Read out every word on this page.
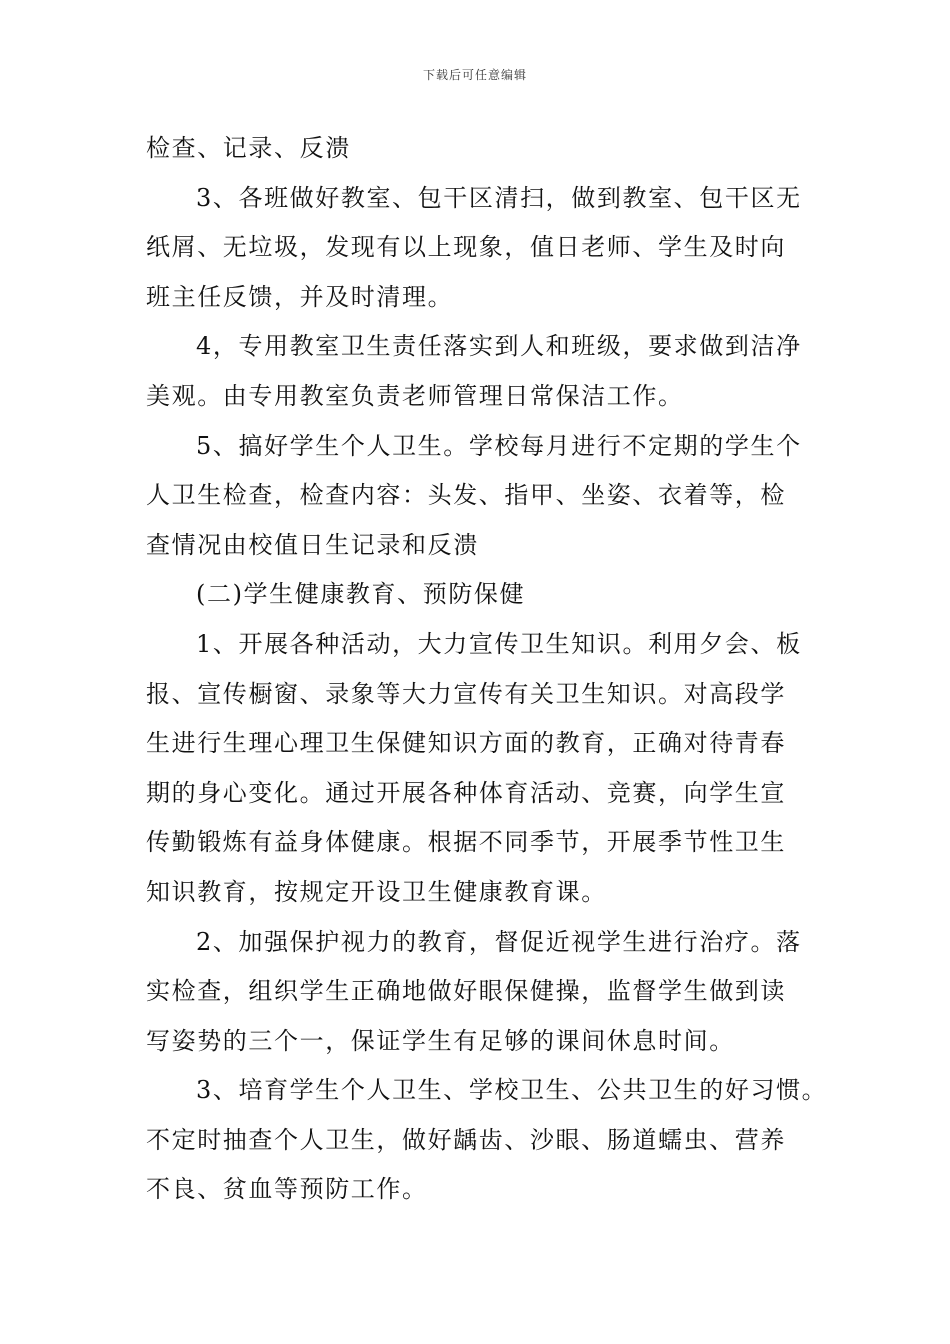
下载后可任意编辑
检查、记录、反溃
3、各班做好教室、包干区清扫，做到教室、包干区无
纸屑、无垃圾，发现有以上现象，值日老师、学生及时向
班主任反馈，并及时清理。
4，专用教室卫生责任落实到人和班级，要求做到洁净
美观。由专用教室负责老师管理日常保洁工作。
5、搞好学生个人卫生。学校每月进行不定期的学生个
人卫生检查，检查内容：头发、指甲、坐姿、衣着等，检
查情况由校值日生记录和反溃
(二)学生健康教育、预防保健
1、开展各种活动，大力宣传卫生知识。利用夕会、板
报、宣传橱窗、录象等大力宣传有关卫生知识。对高段学
生进行生理心理卫生保健知识方面的教育，正确对待青春
期的身心变化。通过开展各种体育活动、竞赛，向学生宣
传勤锻炼有益身体健康。根据不同季节，开展季节性卫生
知识教育，按规定开设卫生健康教育课。
2、加强保护视力的教育，督促近视学生进行治疗。落
实检查，组织学生正确地做好眼保健操，监督学生做到读
写姿势的三个一，保证学生有足够的课间休息时间。
3、培育学生个人卫生、学校卫生、公共卫生的好习惯。
不定时抽查个人卫生，做好龋齿、沙眼、肠道蠕虫、营养
不良、贫血等预防工作。
